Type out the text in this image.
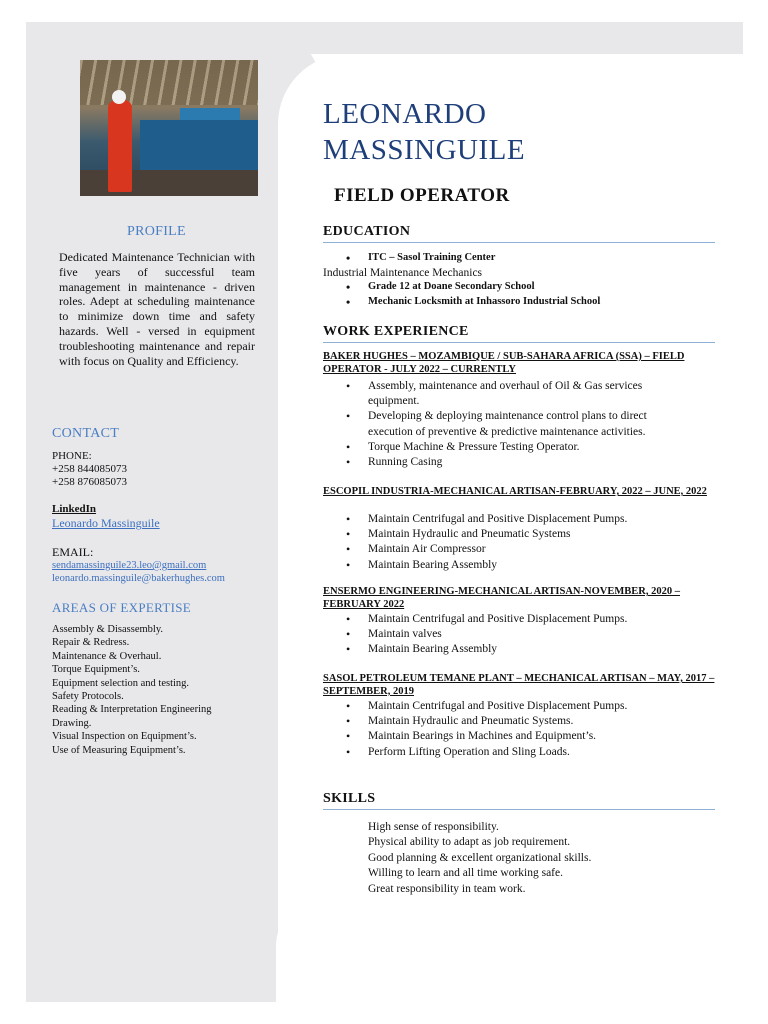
PROFILE
Dedicated Maintenance Technician with five years of successful team management in maintenance - driven roles. Adept at scheduling maintenance to minimize down time and safety hazards. Well - versed in equipment troubleshooting maintenance and repair with focus on Quality and Efficiency.
CONTACT
PHONE:
+258 844085073
+258 876085073
LinkedIn
Leonardo Massinguile
EMAIL:
sendamassinguile23.leo@gmail.com
leonardo.massinguile@bakerhughes.com
AREAS OF EXPERTISE
Assembly & Disassembly.
Repair & Redress.
Maintenance & Overhaul.
Torque Equipment’s.
Equipment selection and testing.
Safety Protocols.
Reading & Interpretation Engineering
Drawing.
Visual Inspection on Equipment’s.
Use of Measuring Equipment’s.
LEONARDO
MASSINGUILE
FIELD OPERATOR
EDUCATION
• ITC – Sasol Training Center
Industrial Maintenance Mechanics
• Grade 12 at Doane Secondary School
• Mechanic Locksmith at Inhassoro Industrial School
WORK EXPERIENCE
BAKER HUGHES – MOZAMBIQUE / SUB-SAHARA AFRICA (SSA) – FIELD OPERATOR - JULY 2022 – CURRENTLY
• Assembly, maintenance and overhaul of Oil & Gas services equipment.
• Developing & deploying maintenance control plans to direct execution of preventive & predictive maintenance activities.
• Torque Machine & Pressure Testing Operator.
• Running Casing
ESCOPIL INDUSTRIA-MECHANICAL ARTISAN-FEBRUARY, 2022 – JUNE, 2022
• Maintain Centrifugal and Positive Displacement Pumps.
• Maintain Hydraulic and Pneumatic Systems
• Maintain Air Compressor
• Maintain Bearing Assembly
ENSERMO ENGINEERING-MECHANICAL ARTISAN-NOVEMBER, 2020 – FEBRUARY 2022
• Maintain Centrifugal and Positive Displacement Pumps.
• Maintain valves
• Maintain Bearing Assembly
SASOL PETROLEUM TEMANE PLANT – MECHANICAL ARTISAN – MAY, 2017 – SEPTEMBER, 2019
• Maintain Centrifugal and Positive Displacement Pumps.
• Maintain Hydraulic and Pneumatic Systems.
• Maintain Bearings in Machines and Equipment’s.
• Perform Lifting Operation and Sling Loads.
SKILLS
High sense of responsibility.
Physical ability to adapt as job requirement.
Good planning & excellent organizational skills.
Willing to learn and all time working safe.
Great responsibility in team work.
